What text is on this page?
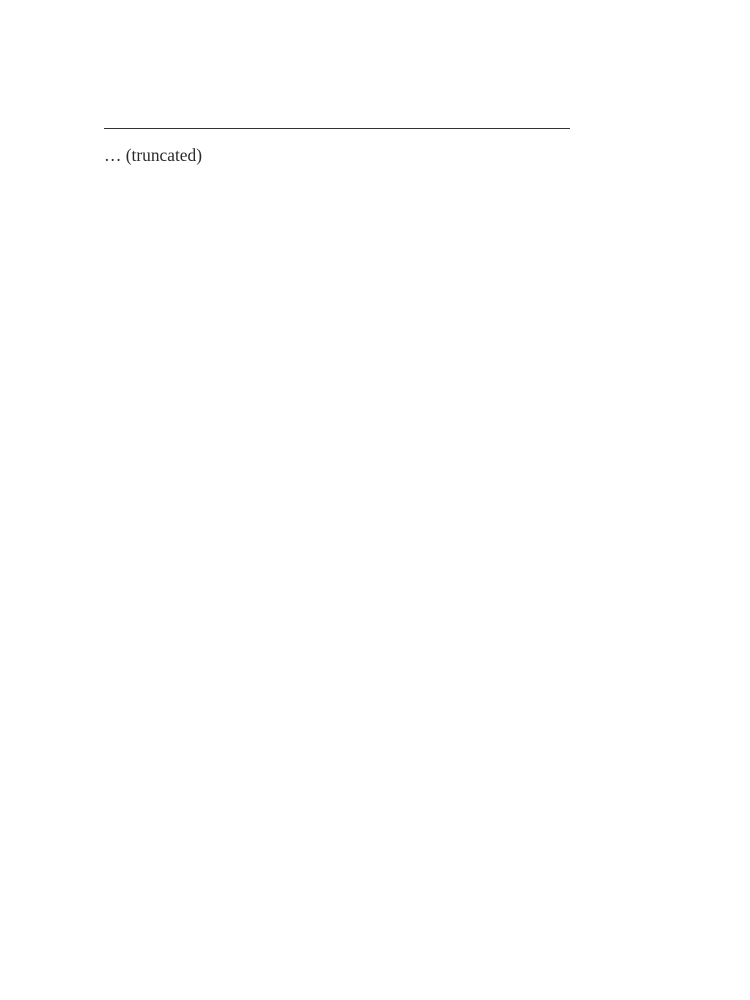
… (truncated)
